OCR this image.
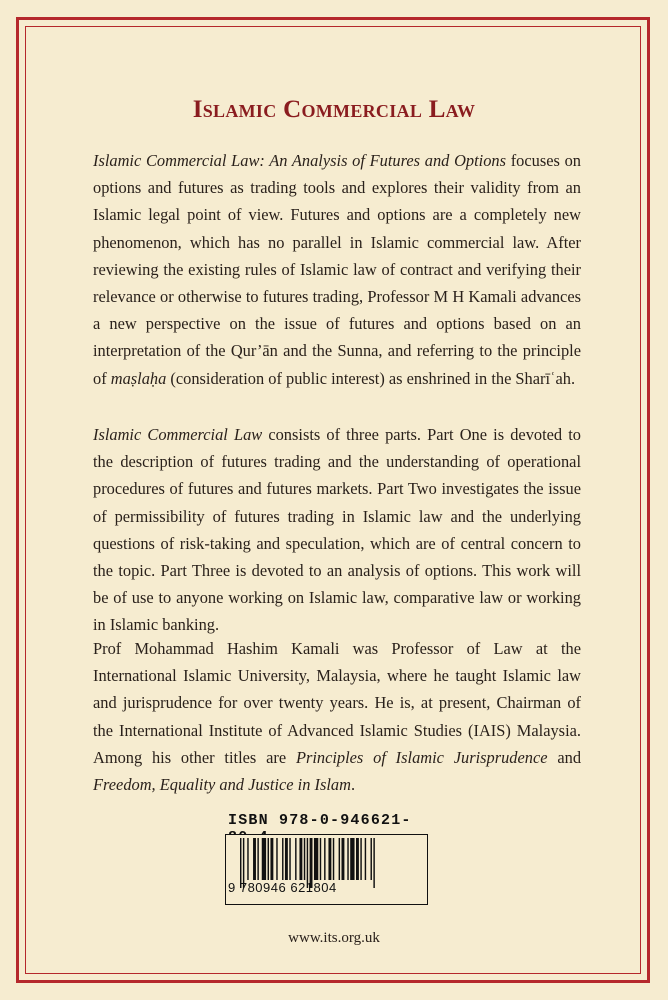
Islamic Commercial Law

Islamic Commercial Law: An Analysis of Futures and Options focuses on options and futures as trading tools and explores their validity from an Islamic legal point of view. Futures and options are a completely new phenomenon, which has no parallel in Islamic commercial law. After reviewing the existing rules of Islamic law of contract and verifying their relevance or otherwise to futures trading, Professor M H Kamali advances a new perspective on the issue of futures and options based on an interpretation of the Qur’ān and the Sunna, and referring to the principle of maṣlaḥa (consideration of public interest) as enshrined in the Sharīʿah.

Islamic Commercial Law consists of three parts. Part One is devoted to the description of futures trading and the understanding of operational procedures of futures and futures markets. Part Two investigates the issue of permissibility of futures trading in Islamic law and the underlying questions of risk-taking and speculation, which are of central concern to the topic. Part Three is devoted to an analysis of options. This work will be of use to anyone working on Islamic law, comparative law or working in Islamic banking.

Prof Mohammad Hashim Kamali was Professor of Law at the International Islamic University, Malaysia, where he taught Islamic law and jurisprudence for over twenty years. He is, at present, Chairman of the International Institute of Advanced Islamic Studies (IAIS) Malaysia. Among his other titles are Principles of Islamic Jurisprudence and Freedom, Equality and Justice in Islam.

ISBN 978-0-946621-
9 780946 621804
www.its.org.uk
